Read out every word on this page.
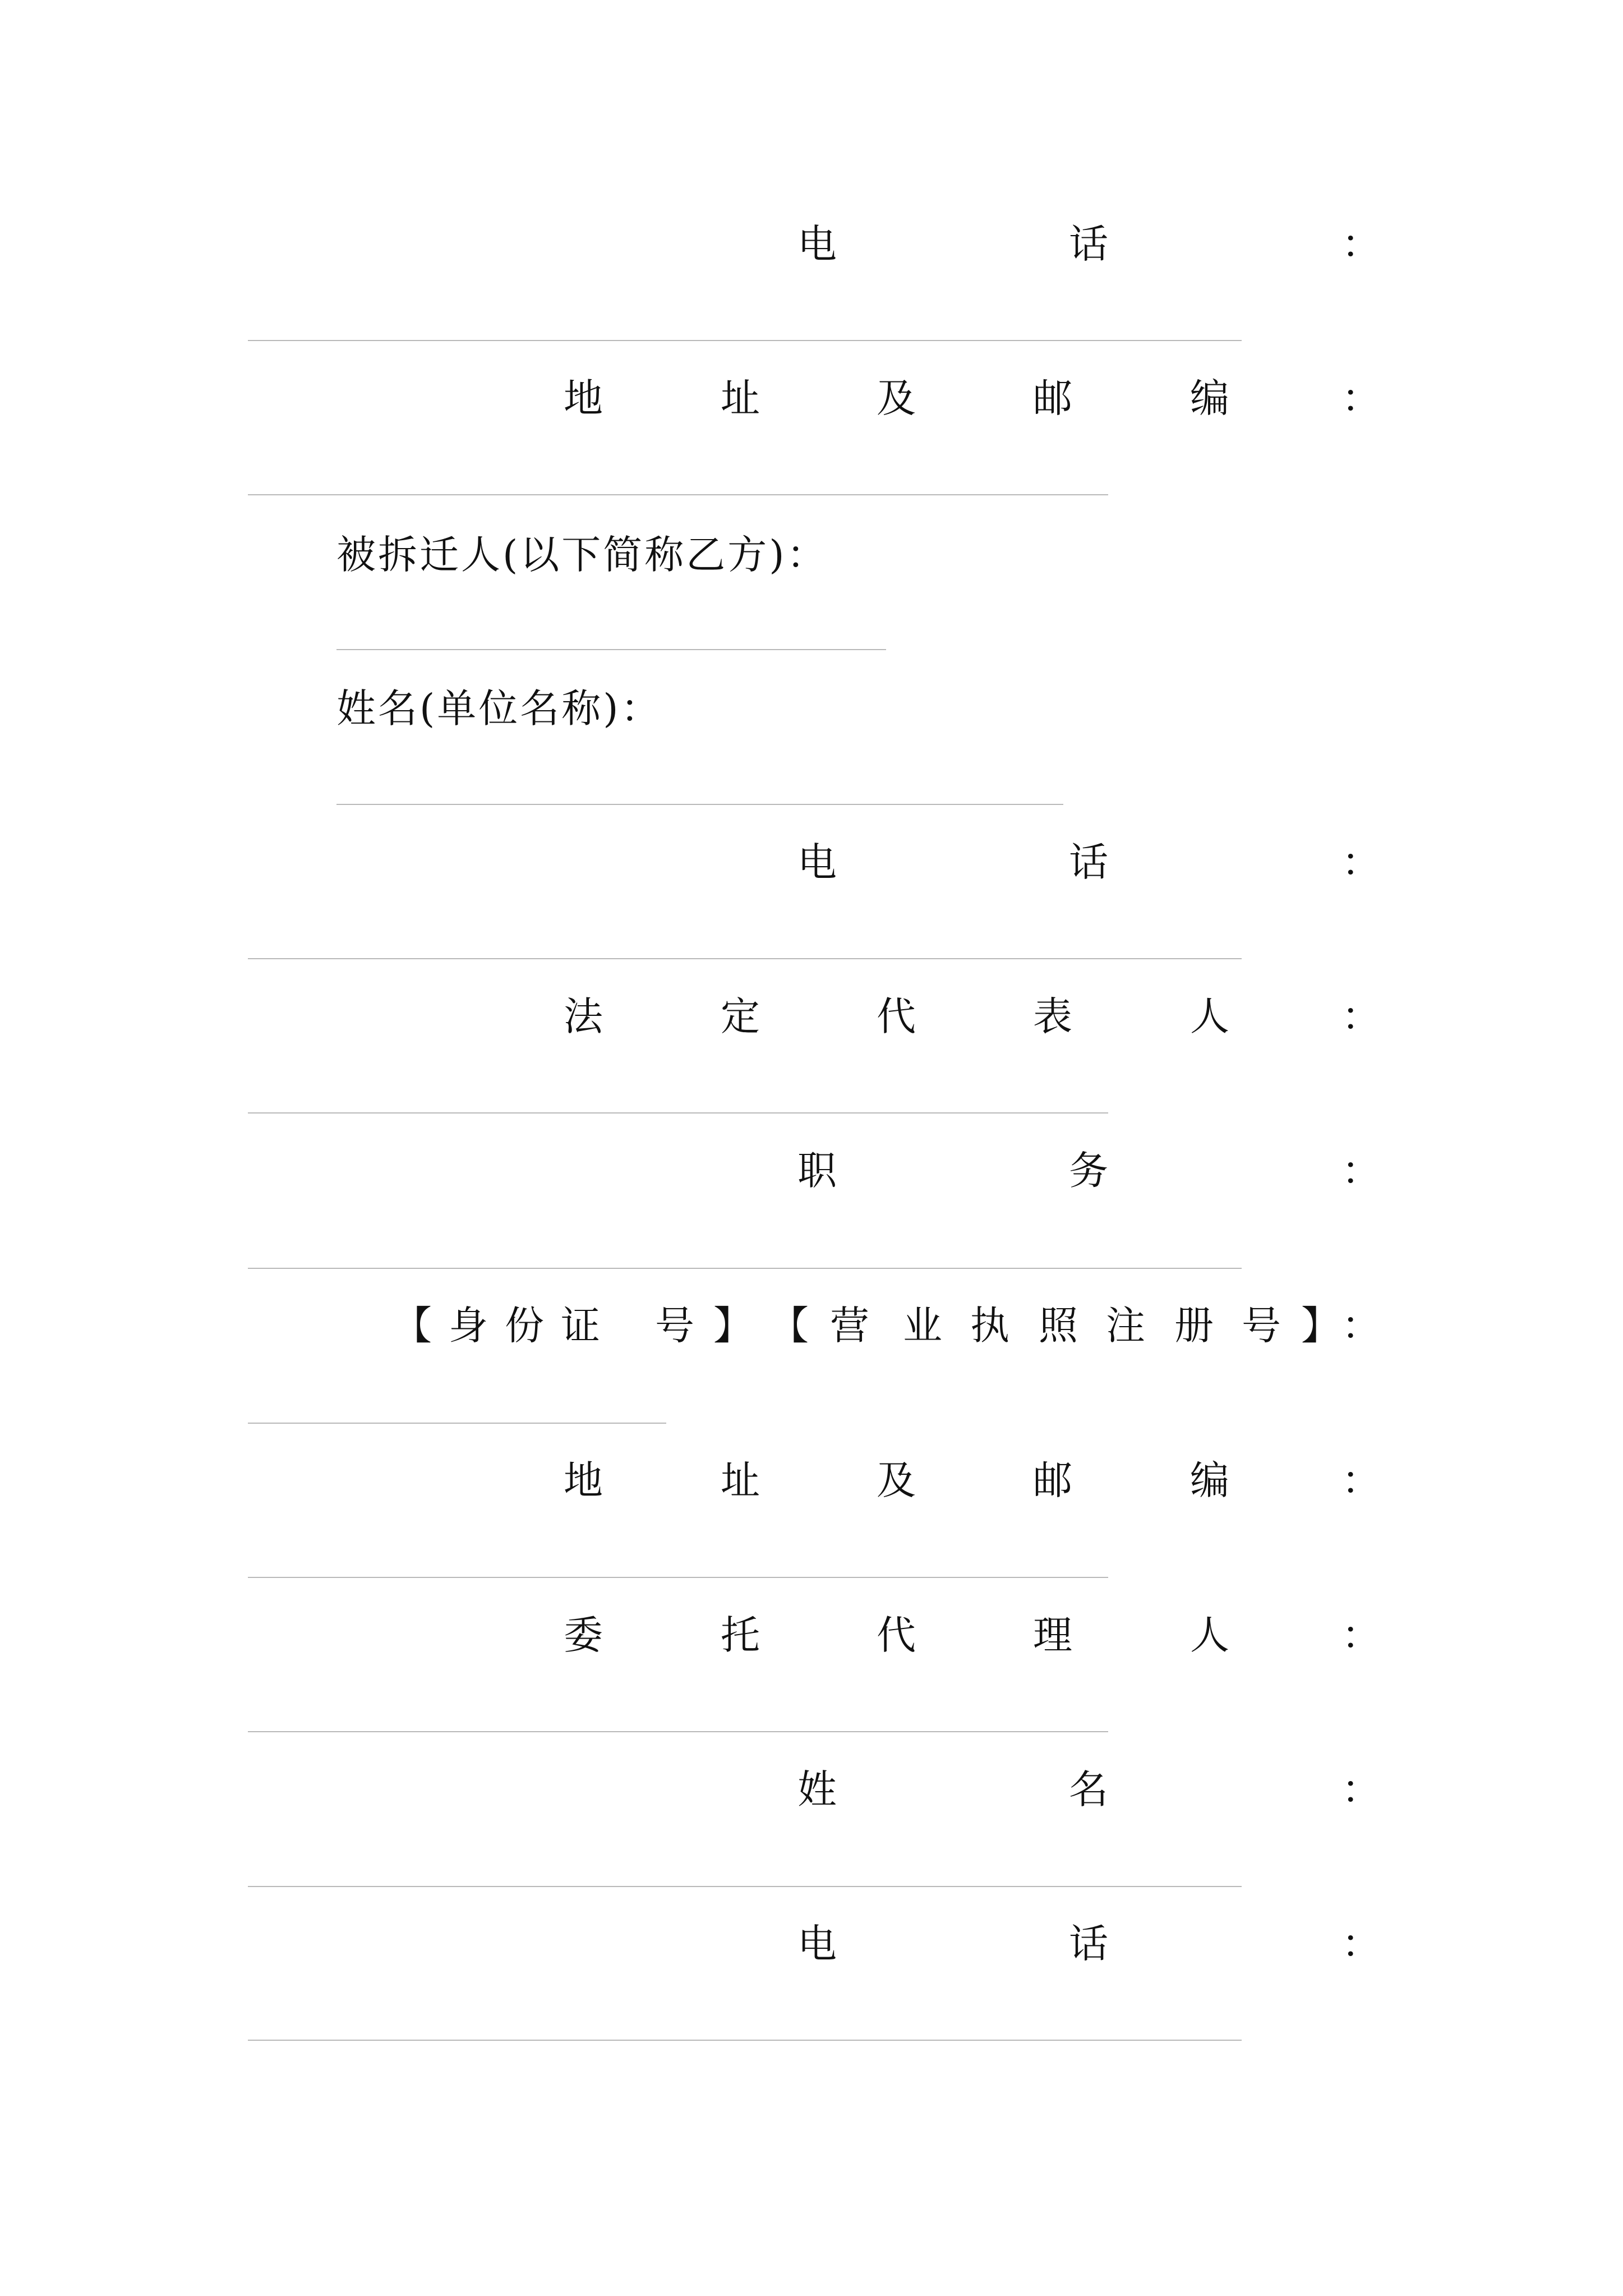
电	话	：
地	址	及	邮	编	：
被拆迁人(以下简称乙方)：
姓名(单位名称)：
电	话	：
法	定	代	表	人	：
职	务	：
【 身 份 证 号 】 【 营 业 执 照 注 册 号 】 ：
地	址	及	邮	编	：
委	托	代	理	人	：
姓	名	：
电	话	：
